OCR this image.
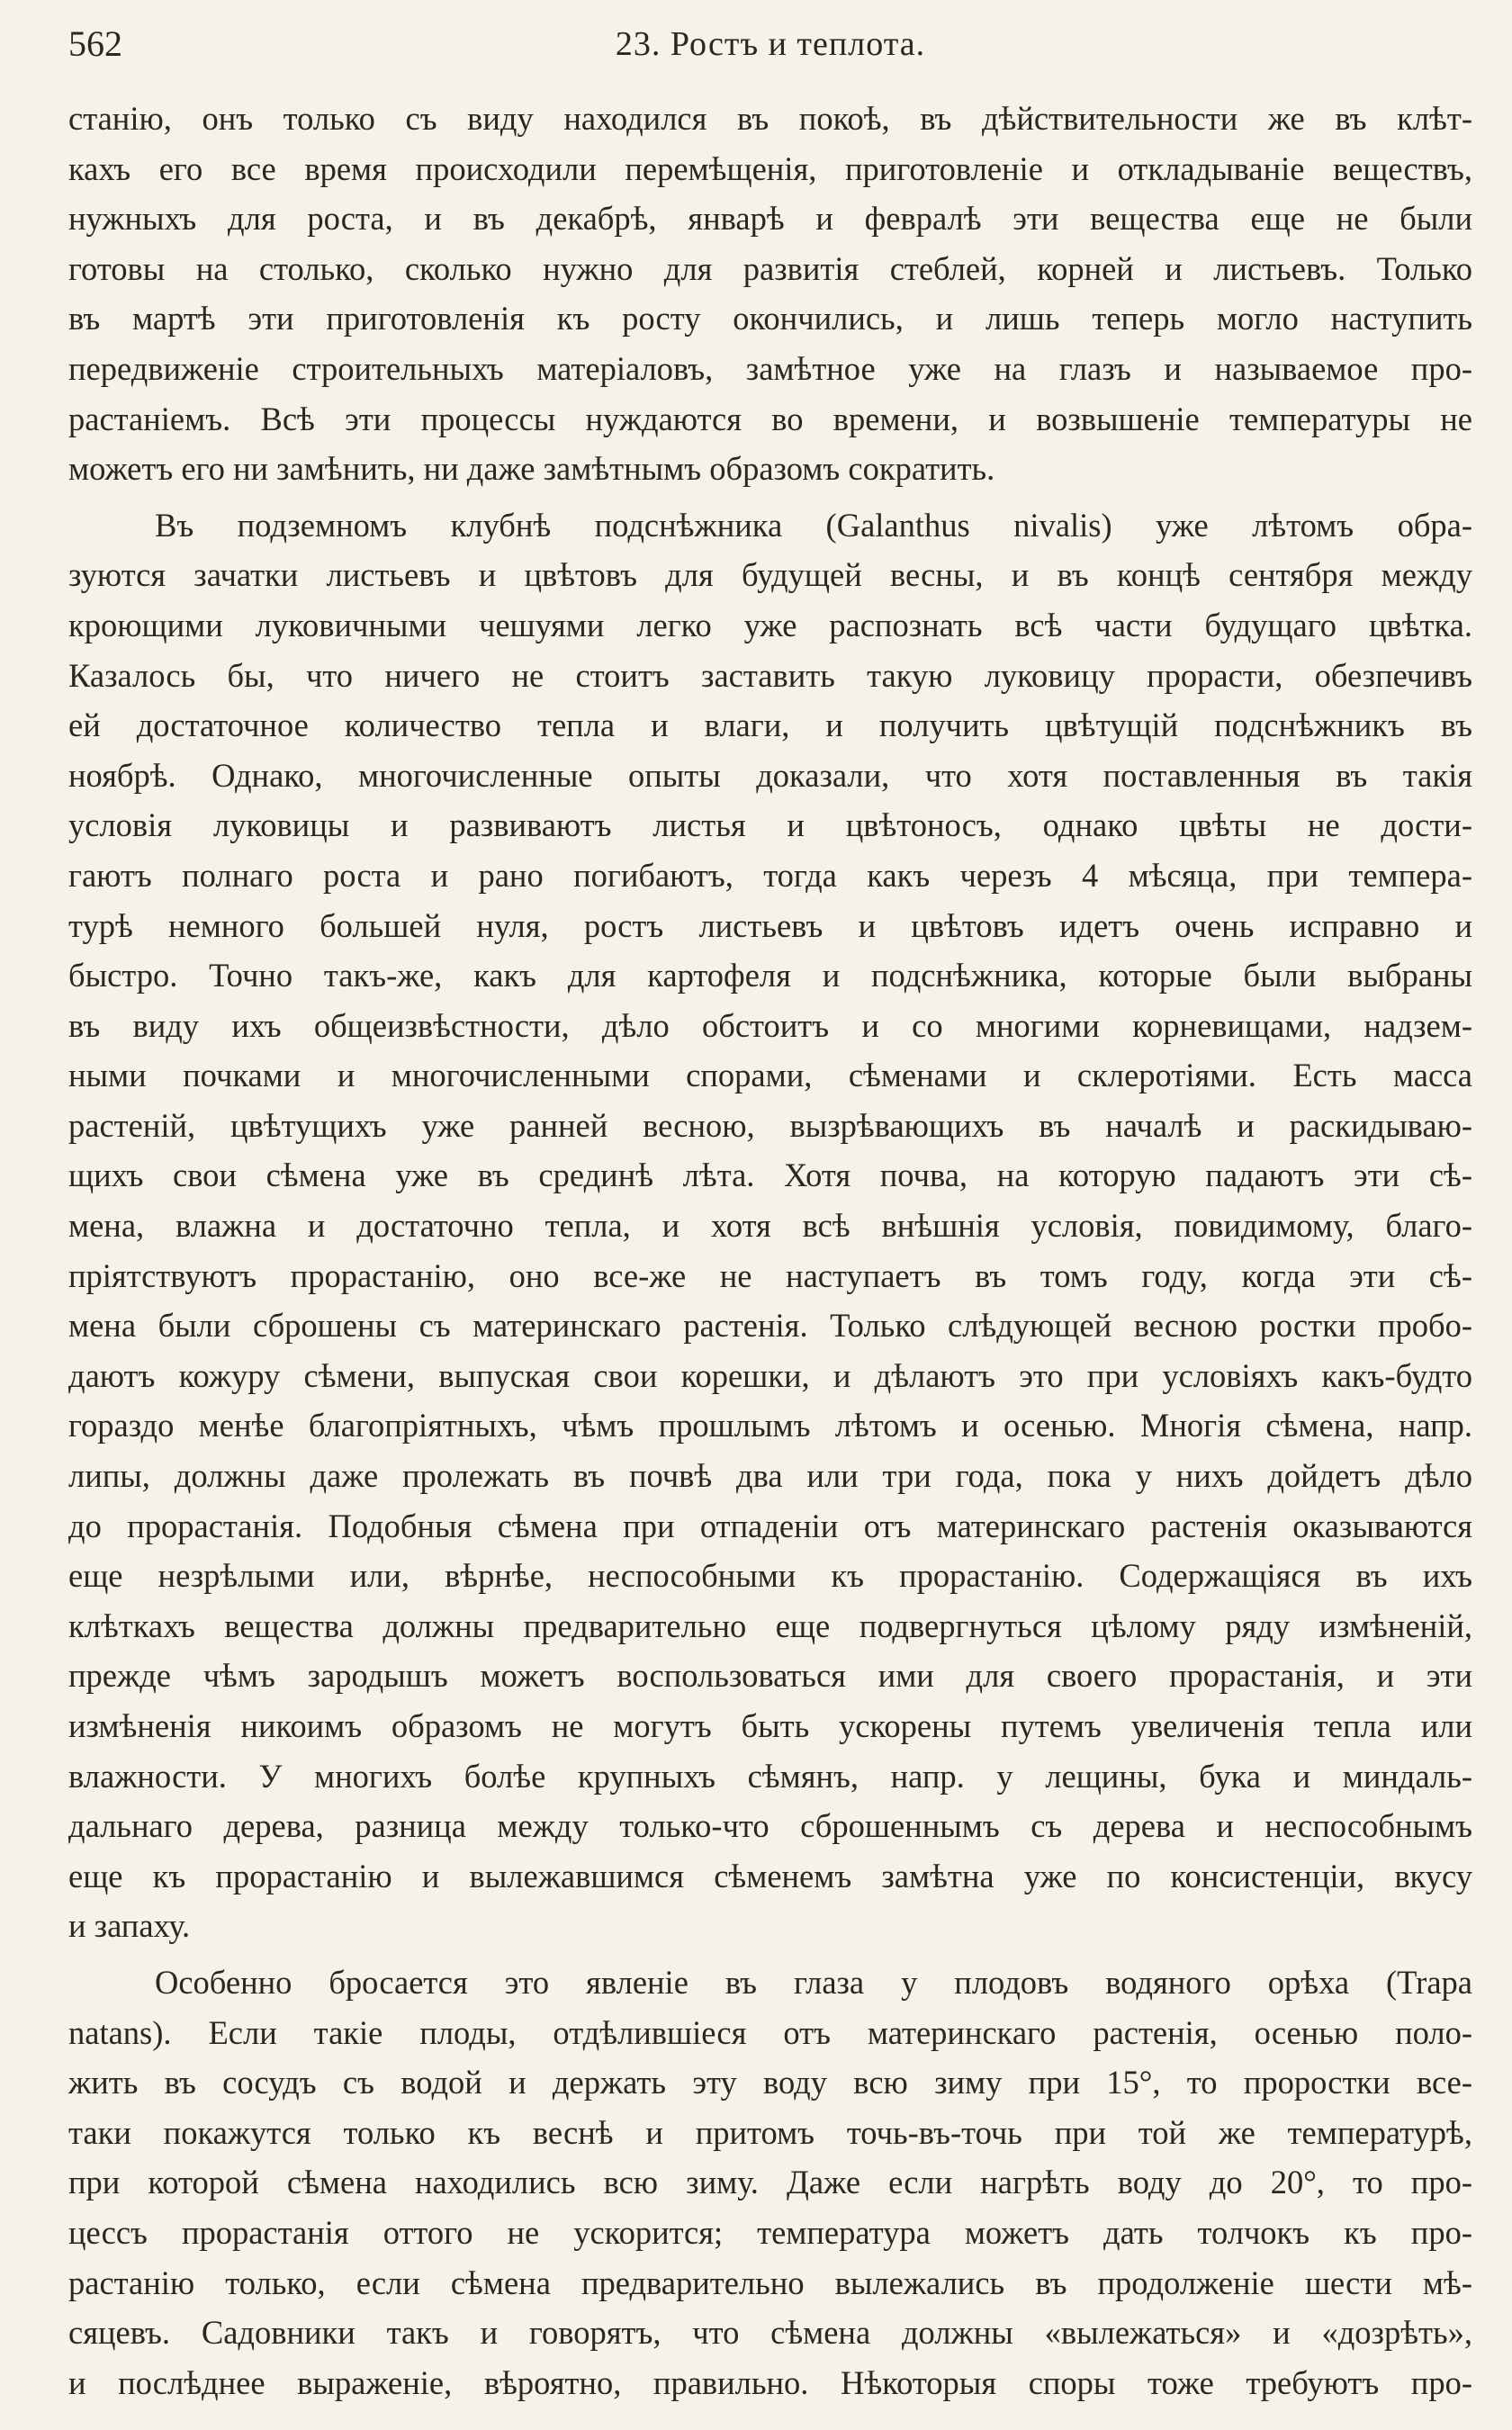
562	23. Ростъ и теплота.
станію, онъ только съ виду находился въ покоѣ, въ дѣйствительности же въ клѣт-
кахъ его все время происходили перемѣщенія, приготовленіе и откладываніе веществъ,
нужныхъ для роста, и въ декабрѣ, январѣ и февралѣ эти вещества еще не были
готовы на столько, сколько нужно для развитія стеблей, корней и листьевъ. Только
въ мартѣ эти приготовленія къ росту окончились, и лишь теперь могло наступить
передвиженіе строительныхъ матеріаловъ, замѣтное уже на глазъ и называемое про-
растаніемъ. Всѣ эти процессы нуждаются во времени, и возвышеніе температуры не
можетъ его ни замѣнить, ни даже замѣтнымъ образомъ сократить.
Въ подземномъ клубнѣ подснѣжника (Galanthus nivalis) уже лѣтомъ обра-
зуются зачатки листьевъ и цвѣтовъ для будущей весны, и въ концѣ сентября между
кроющими луковичными чешуями легко уже распознать всѣ части будущаго цвѣтка.
Казалось бы, что ничего не стоитъ заставить такую луковицу прорасти, обезпечивъ
ей достаточное количество тепла и влаги, и получить цвѣтущій подснѣжникъ въ
ноябрѣ. Однако, многочисленные опыты доказали, что хотя поставленныя въ такія
условія луковицы и развиваютъ листья и цвѣтоносъ, однако цвѣты не дости-
гаютъ полнаго роста и рано погибаютъ, тогда какъ черезъ 4 мѣсяца, при темпера-
турѣ немного большей нуля, ростъ листьевъ и цвѣтовъ идетъ очень исправно и
быстро. Точно такъ-же, какъ для картофеля и подснѣжника, которые были выбраны
въ виду ихъ общеизвѣстности, дѣло обстоитъ и со многими корневищами, надзем-
ными почками и многочисленными спорами, сѣменами и склеротіями. Есть масса
растеній, цвѣтущихъ уже ранней весною, вызрѣвающихъ въ началѣ и раскидываю-
щихъ свои сѣмена уже въ срединѣ лѣта. Хотя почва, на которую падаютъ эти сѣ-
мена, влажна и достаточно тепла, и хотя всѣ внѣшнія условія, повидимому, благо-
пріятствуютъ прорастанію, оно все-же не наступаетъ въ томъ году, когда эти сѣ-
мена были сброшены съ материнскаго растенія. Только слѣдующей весною ростки пробо-
даютъ кожуру сѣмени, выпуская свои корешки, и дѣлаютъ это при условіяхъ какъ-будто
гораздо менѣе благопріятныхъ, чѣмъ прошлымъ лѣтомъ и осенью. Многія сѣмена, напр.
липы, должны даже пролежать въ почвѣ два или три года, пока у нихъ дойдетъ дѣло
до прорастанія. Подобныя сѣмена при отпаденіи отъ материнскаго растенія оказываются
еще незрѣлыми или, вѣрнѣе, неспособными къ прорастанію. Содержащіяся въ ихъ
клѣткахъ вещества должны предварительно еще подвергнуться цѣлому ряду измѣненій,
прежде чѣмъ зародышъ можетъ воспользоваться ими для своего прорастанія, и эти
измѣненія никоимъ образомъ не могутъ быть ускорены путемъ увеличенія тепла или
влажности. У многихъ болѣе крупныхъ сѣмянъ, напр. у лещины, бука и миндаль-
дальнаго дерева, разница между только-что сброшеннымъ съ дерева и неспособнымъ
еще къ прорастанію и вылежавшимся сѣменемъ замѣтна уже по консистенціи, вкусу
и запаху.
Особенно бросается это явленіе въ глаза у плодовъ водяного орѣха (Trapa
natans). Если такіе плоды, отдѣлившіеся отъ материнскаго растенія, осенью поло-
жить въ сосудъ съ водой и держать эту воду всю зиму при 15°, то проростки все-
таки покажутся только къ веснѣ и притомъ точь-въ-точь при той же температурѣ,
при которой сѣмена находились всю зиму. Даже если нагрѣть воду до 20°, то про-
цессъ прорастанія оттого не ускорится; температура можетъ дать толчокъ къ про-
растанію только, если сѣмена предварительно вылежались въ продолженіе шести мѣ-
сяцевъ. Садовники такъ и говорятъ, что сѣмена должны «вылежаться» и «дозрѣть»,
и послѣднее выраженіе, вѣроятно, правильно. Нѣкоторыя споры тоже требуютъ про-
